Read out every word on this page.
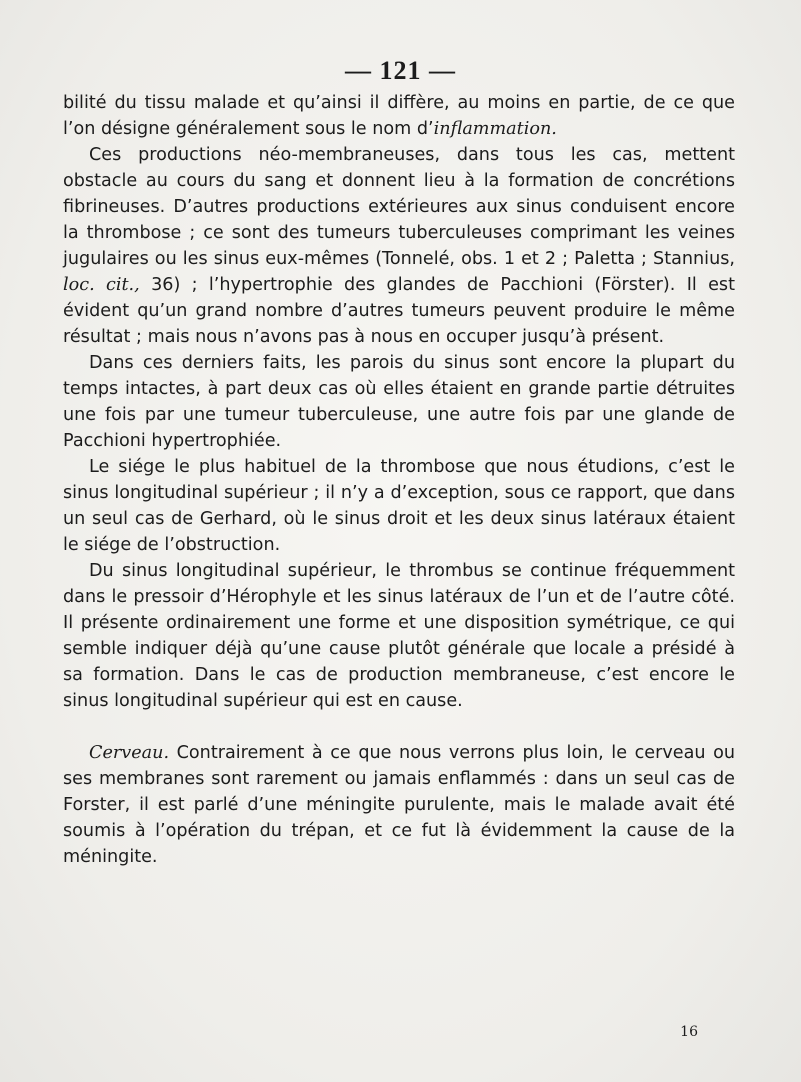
— 121 —

bilité du tissu malade et qu’ainsi il diffère, au moins en partie, de ce que l’on désigne généralement sous le nom d’inflammation.

Ces productions néo-membraneuses, dans tous les cas, mettent obstacle au cours du sang et donnent lieu à la formation de concrétions fibrineuses. D’autres productions extérieures aux sinus conduisent encore la thrombose ; ce sont des tumeurs tuberculeuses comprimant les veines jugulaires ou les sinus eux-mêmes (Tonnelé, obs. 1 et 2 ; Paletta ; Stannius, loc. cit., 36) ; l’hypertrophie des glandes de Pacchioni (Förster). Il est évident qu’un grand nombre d’autres tumeurs peuvent produire le même résultat ; mais nous n’avons pas à nous en occuper jusqu’à présent.

Dans ces derniers faits, les parois du sinus sont encore la plupart du temps intactes, à part deux cas où elles étaient en grande partie détruites une fois par une tumeur tuberculeuse, une autre fois par une glande de Pacchioni hypertrophiée.

Le siége le plus habituel de la thrombose que nous étudions, c’est le sinus longitudinal supérieur ; il n’y a d’exception, sous ce rapport, que dans un seul cas de Gerhard, où le sinus droit et les deux sinus latéraux étaient le siége de l’obstruction.

Du sinus longitudinal supérieur, le thrombus se continue fréquemment dans le pressoir d’Hérophyle et les sinus latéraux de l’un et de l’autre côté. Il présente ordinairement une forme et une disposition symétrique, ce qui semble indiquer déjà qu’une cause plutôt générale que locale a présidé à sa formation. Dans le cas de production membraneuse, c’est encore le sinus longitudinal supérieur qui est en cause.

Cerveau. Contrairement à ce que nous verrons plus loin, le cerveau ou ses membranes sont rarement ou jamais enflammés : dans un seul cas de Forster, il est parlé d’une méningite purulente, mais le malade avait été soumis à l’opération du trépan, et ce fut là évidemment la cause de la méningite.

16
